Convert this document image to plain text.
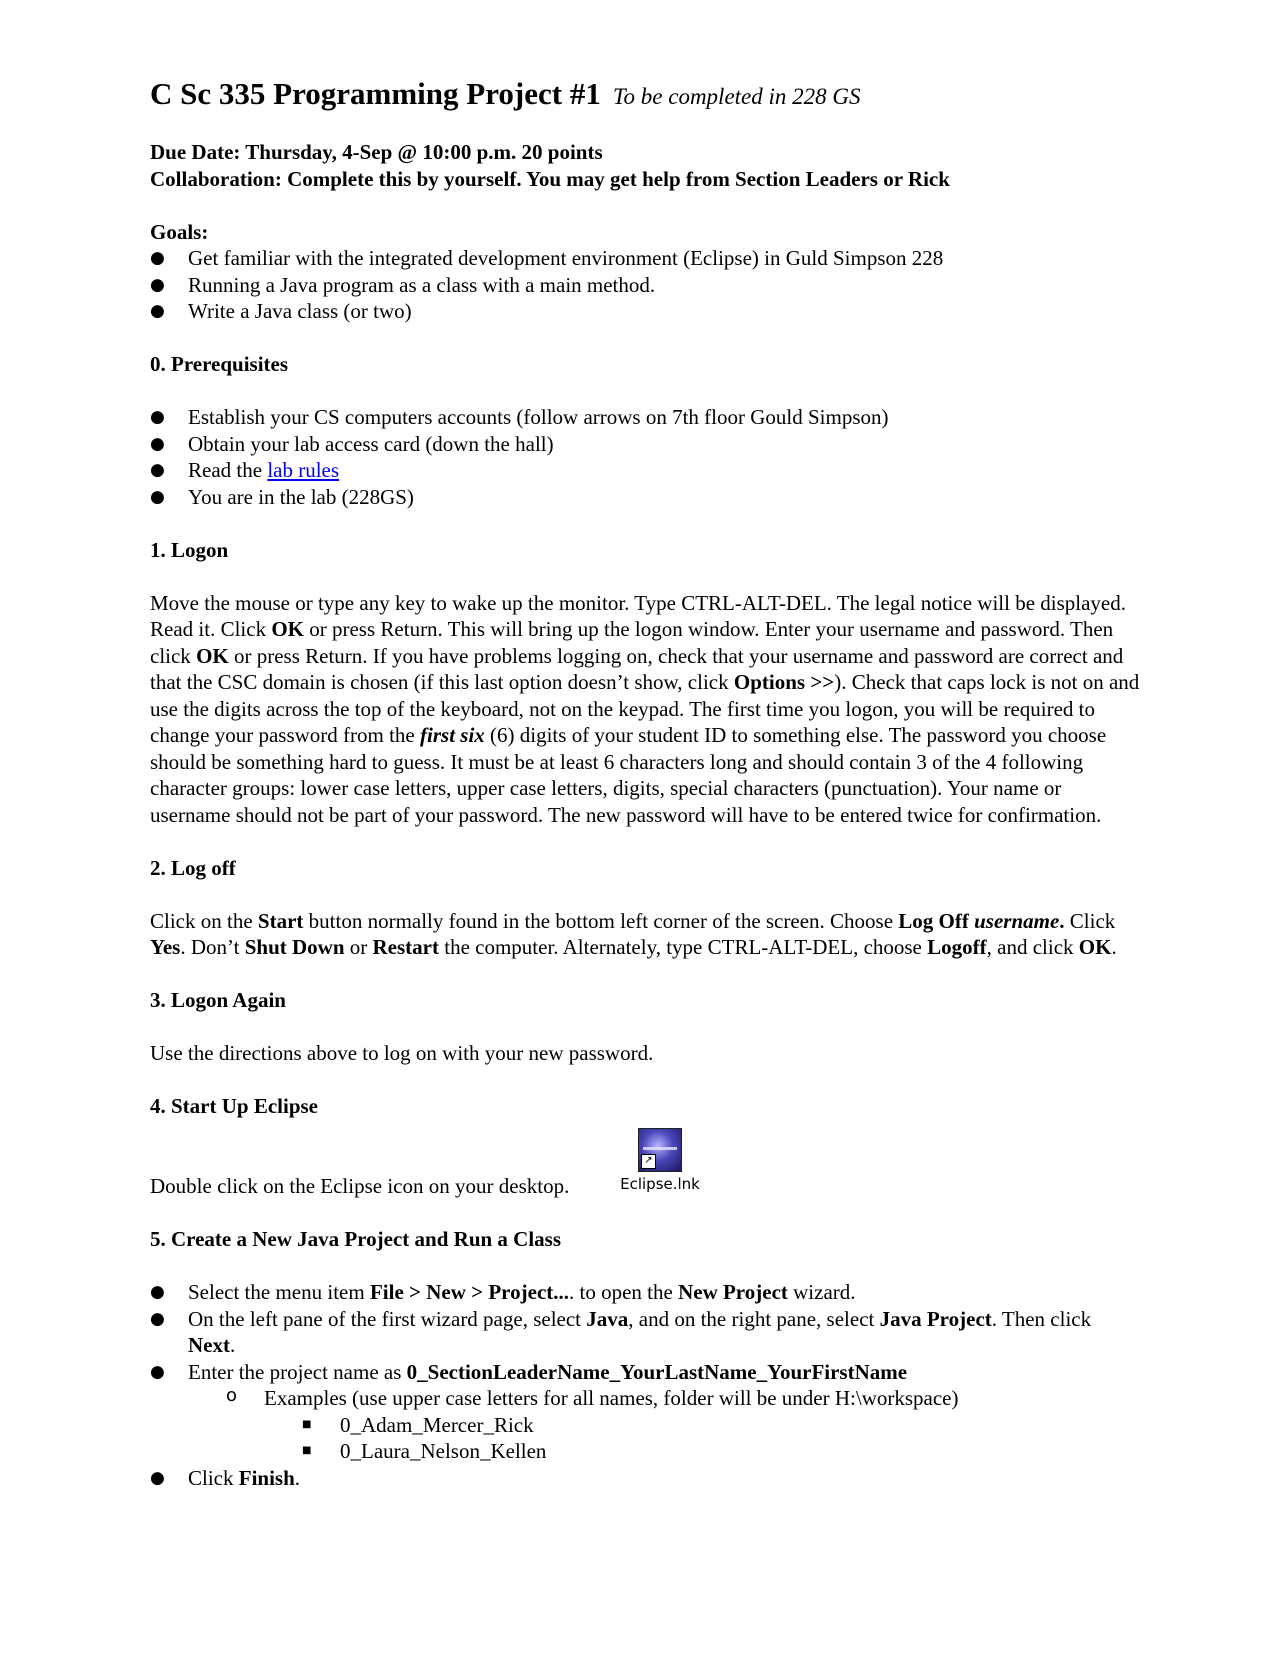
C Sc 335 Programming Project #1 To be completed in 228 GS

Due Date: Thursday, 4-Sep @ 10:00 p.m. 20 points

Collaboration: Complete this by yourself. You may get help from Section Leaders or Rick

Goals:

● Get familiar with the integrated development environment (Eclipse) in Guld Simpson 228
● Running a Java program as a class with a main method.
● Write a Java class (or two)

0. Prerequisites

● Establish your CS computers accounts (follow arrows on 7th floor Gould Simpson)
● Obtain your lab access card (down the hall)
● Read the lab rules
● You are in the lab (228GS)

1. Logon

Move the mouse or type any key to wake up the monitor. Type CTRL-ALT-DEL. The legal notice will be displayed. Read it. Click OK or press Return. This will bring up the logon window. Enter your username and password. Then click OK or press Return. If you have problems logging on, check that your username and password are correct and that the CSC domain is chosen (if this last option doesn’t show, click Options >>). Check that caps lock is not on and use the digits across the top of the keyboard, not on the keypad. The first time you logon, you will be required to change your password from the first six (6) digits of your student ID to something else. The password you choose should be something hard to guess. It must be at least 6 characters long and should contain 3 of the 4 following character groups: lower case letters, upper case letters, digits, special characters (punctuation). Your name or username should not be part of your password. The new password will have to be entered twice for confirmation.

2. Log off

Click on the Start button normally found in the bottom left corner of the screen. Choose Log Off username. Click Yes. Don’t Shut Down or Restart the computer. Alternately, type CTRL-ALT-DEL, choose Logoff, and click OK.

3. Logon Again

Use the directions above to log on with your new password.

4. Start Up Eclipse

Double click on the Eclipse icon on your desktop.
↗
Eclipse.lnk

5. Create a New Java Project and Run a Class

● Select the menu item File > New > Project.... to open the New Project wizard.
● On the left pane of the first wizard page, select Java, and on the right pane, select Java Project. Then click Next.
● Enter the project name as 0_SectionLeaderName_YourLastName_YourFirstName
o Examples (use upper case letters for all names, folder will be under H:\workspace)
■ 0_Adam_Mercer_Rick
■ 0_Laura_Nelson_Kellen
● Click Finish.
